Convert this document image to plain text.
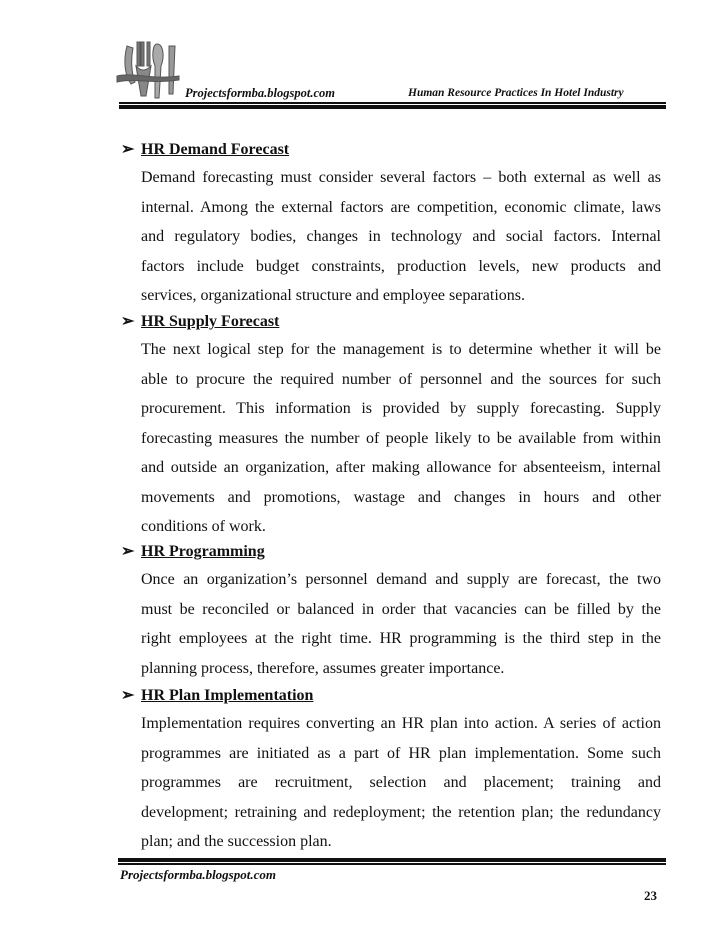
Projectsformba.blogspot.com	Human Resource Practices In Hotel Industry
➢ HR Demand Forecast
Demand forecasting must consider several factors – both external as well as
internal. Among the external factors are competition, economic climate, laws
and regulatory bodies, changes in technology and social factors. Internal
factors include budget constraints, production levels, new products and
services, organizational structure and employee separations.
➢ HR Supply Forecast
The next logical step for the management is to determine whether it will be
able to procure the required number of personnel and the sources for such
procurement. This information is provided by supply forecasting. Supply
forecasting measures the number of people likely to be available from within
and outside an organization, after making allowance for absenteeism, internal
movements and promotions, wastage and changes in hours and other
conditions of work.
➢ HR Programming
Once an organization’s personnel demand and supply are forecast, the two
must be reconciled or balanced in order that vacancies can be filled by the
right employees at the right time. HR programming is the third step in the
planning process, therefore, assumes greater importance.
➢ HR Plan Implementation
Implementation requires converting an HR plan into action. A series of action
programmes are initiated as a part of HR plan implementation. Some such
programmes are recruitment, selection and placement; training and
development; retraining and redeployment; the retention plan; the redundancy
plan; and the succession plan.
Projectsformba.blogspot.com
23
